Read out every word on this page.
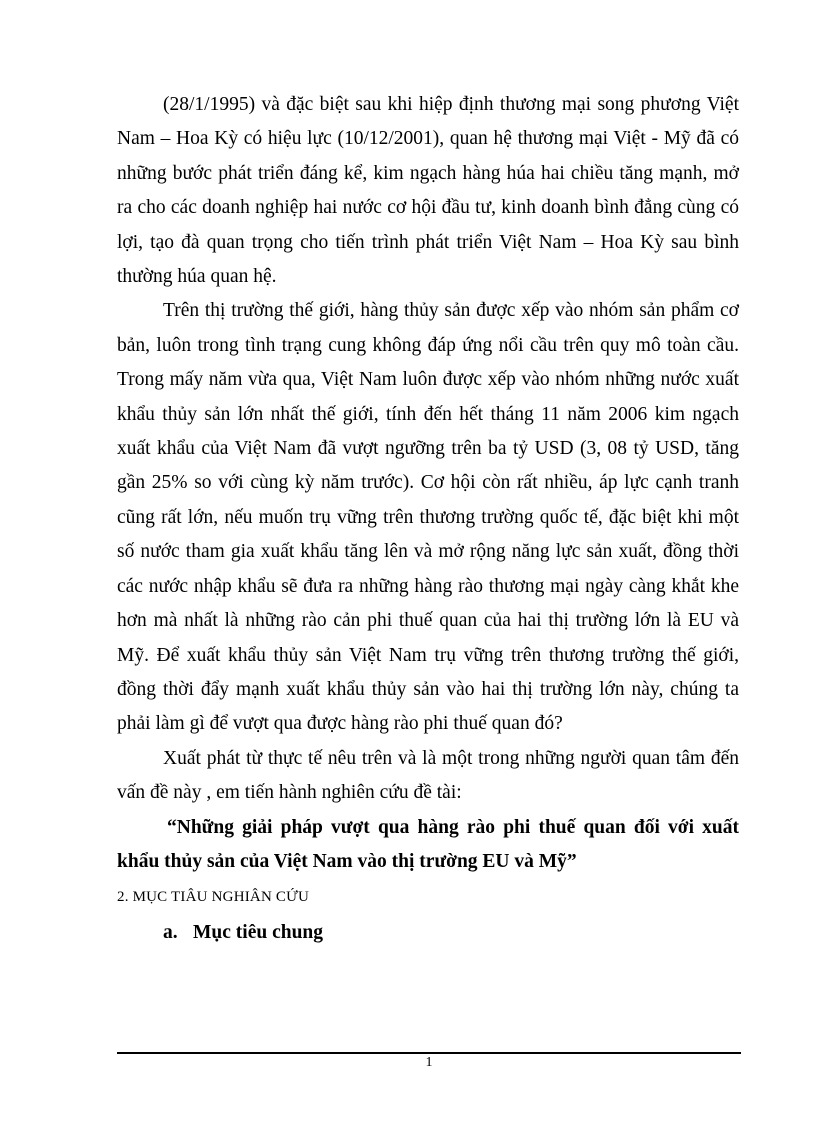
(28/1/1995) và đặc biệt sau khi hiệp định thương mại song phương Việt Nam – Hoa Kỳ có hiệu lực (10/12/2001), quan hệ thương mại Việt - Mỹ đã có những bước phát triển đáng kể, kim ngạch hàng húa hai chiều tăng mạnh, mở ra cho các doanh nghiệp hai nước cơ hội đầu tư, kinh doanh bình đẳng cùng có lợi, tạo đà quan trọng cho tiến trình phát triển Việt Nam – Hoa Kỳ sau bình thường húa quan hệ.

Trên thị trường thế giới, hàng thủy sản được xếp vào nhóm sản phẩm cơ bản, luôn trong tình trạng cung không đáp ứng nổi cầu trên quy mô toàn cầu. Trong mấy năm vừa qua, Việt Nam luôn được xếp vào nhóm những nước xuất khẩu thủy sản lớn nhất thế giới, tính đến hết tháng 11 năm 2006 kim ngạch xuất khẩu của Việt Nam đã vượt ngưỡng trên ba tỷ USD (3, 08 tỷ USD, tăng gần 25% so với cùng kỳ năm trước). Cơ hội còn rất nhiều, áp lực cạnh tranh cũng rất lớn, nếu muốn trụ vững trên thương trường quốc tế, đặc biệt khi một số nước tham gia xuất khẩu tăng lên và mở rộng năng lực sản xuất, đồng thời các nước nhập khẩu sẽ đưa ra những hàng rào thương mại ngày càng khắt khe hơn mà nhất là những rào cản phi thuế quan của hai thị trường lớn là EU và Mỹ. Để xuất khẩu thủy sản Việt Nam trụ vững trên thương trường thế giới, đồng thời đẩy mạnh xuất khẩu thủy sản vào hai thị trường lớn này, chúng ta phải làm gì để vượt qua được hàng rào phi thuế quan đó?

Xuất phát từ thực tế nêu trên và là một trong những người quan tâm đến vấn đề này , em tiến hành nghiên cứu đề tài:

“Những giải pháp vượt qua hàng rào phi thuế quan đối với xuất khẩu thủy sản của Việt Nam vào thị trường EU và Mỹ”

2. MỤC TIÂU NGHIÂN CỨU

a. Mục tiêu chung

1
